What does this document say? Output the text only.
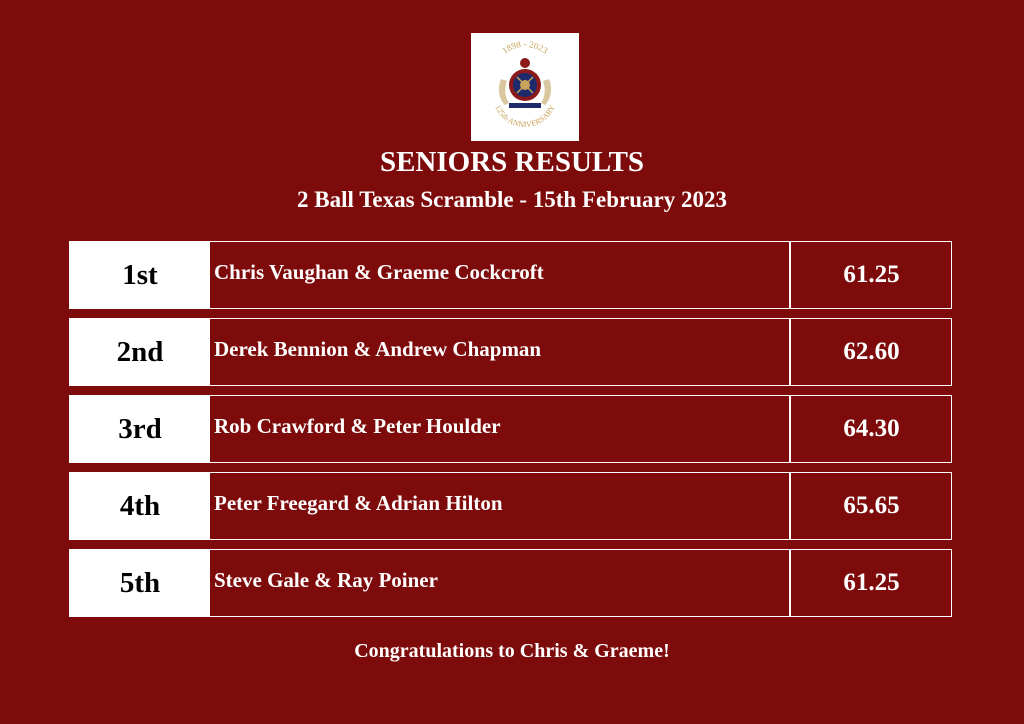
1898 - 2023
125th ANNIVERSARY
SENIORS RESULTS
2 Ball Texas Scramble - 15th February 2023
1st	Chris Vaughan & Graeme Cockcroft	61.25
2nd	Derek Bennion & Andrew Chapman	62.60
3rd	Rob Crawford & Peter Houlder	64.30
4th	Peter Freegard & Adrian Hilton	65.65
5th	Steve Gale & Ray Poiner	61.25
Congratulations to Chris & Graeme!
